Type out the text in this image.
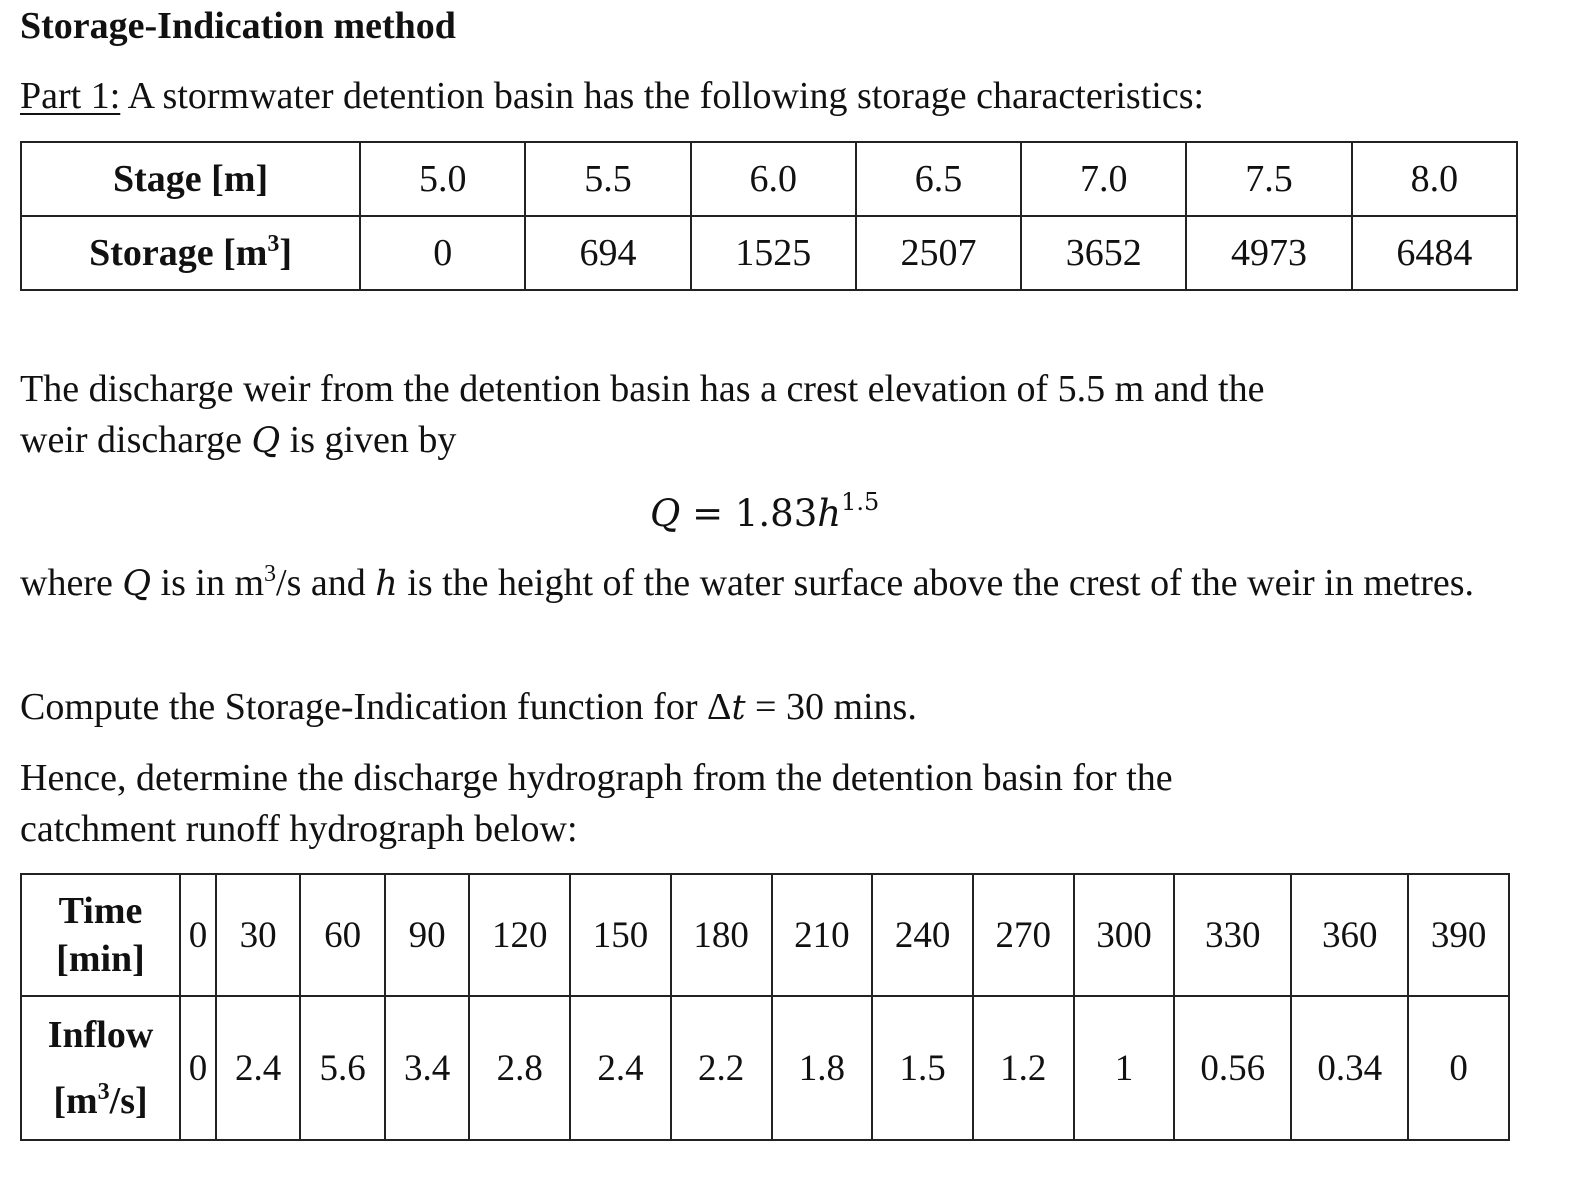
Storage-Indication method
Part 1: A stormwater detention basin has the following storage characteristics:
Stage [m]	5.0	5.5	6.0	6.5	7.0	7.5	8.0
Storage $[m^3]$	0	694	1525	2507	3652	4973	6484
The discharge weir from the detention basin has a crest elevation of 5.5 m and the
weir discharge Q is given by
$Q = 1.83h^{1.5}$
where Q is in $m^3/s$ and h is the height of the water surface above the crest of the weir in metres.
Compute the Storage-Indication function for Δt = 30 mins.
Hence, determine the discharge hydrograph from the detention basin for the
catchment runoff hydrograph below:
Time
[min]	0	30	60	90	120	150	180	210	240	270	300	330	360	390
Inflow
$[m^3/s]$	0	2.4	5.6	3.4	2.8	2.4	2.2	1.8	1.5	1.2	1	0.56	0.34	0
